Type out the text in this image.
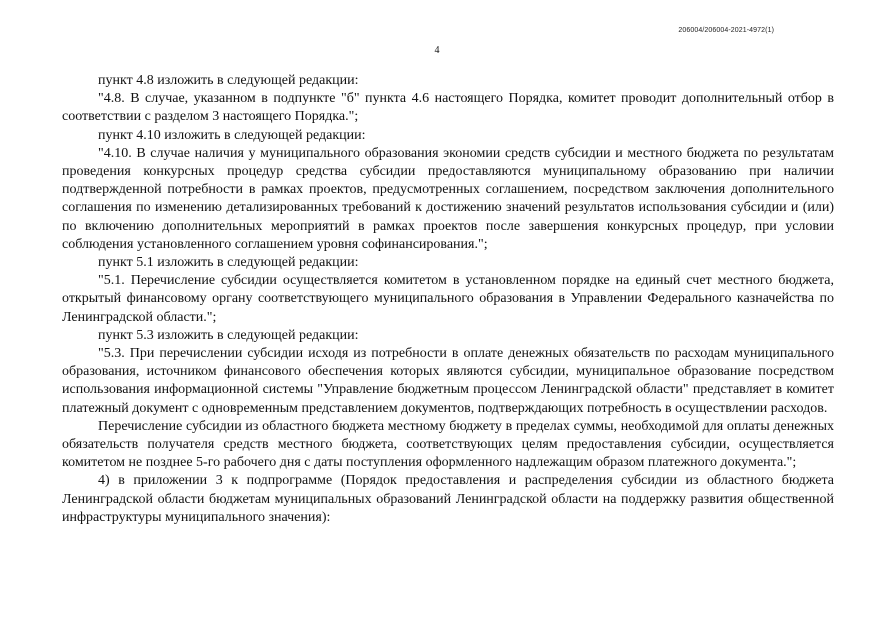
206004/206004-2021-4972(1)
4

пункт 4.8 изложить в следующей редакции:

"4.8. В случае, указанном в подпункте "б" пункта 4.6 настоящего Порядка, комитет проводит дополнительный отбор в соответствии с разделом 3 настоящего Порядка.";

пункт 4.10 изложить в следующей редакции:

"4.10. В случае наличия у муниципального образования экономии средств субсидии и местного бюджета по результатам проведения конкурсных процедур средства субсидии предоставляются муниципальному образованию при наличии подтвержденной потребности в рамках проектов, предусмотренных соглашением, посредством заключения дополнительного соглашения по изменению детализированных требований к достижению значений результатов использования субсидии и (или) по включению дополнительных мероприятий в рамках проектов после завершения конкурсных процедур, при условии соблюдения установленного соглашением уровня софинансирования.";

пункт 5.1 изложить в следующей редакции:

"5.1. Перечисление субсидии осуществляется комитетом в установленном порядке на единый счет местного бюджета, открытый финансовому органу соответствующего муниципального образования в Управлении Федерального казначейства по Ленинградской области.";

пункт 5.3 изложить в следующей редакции:

"5.3. При перечислении субсидии исходя из потребности в оплате денежных обязательств по расходам муниципального образования, источником финансового обеспечения которых являются субсидии, муниципальное образование посредством использования информационной системы "Управление бюджетным процессом Ленинградской области" представляет в комитет платежный документ с одновременным представлением документов, подтверждающих потребность в осуществлении расходов.

Перечисление субсидии из областного бюджета местному бюджету в пределах суммы, необходимой для оплаты денежных обязательств получателя средств местного бюджета, соответствующих целям предоставления субсидии, осуществляется комитетом не позднее 5-го рабочего дня с даты поступления оформленного надлежащим образом платежного документа.";

4) в приложении 3 к подпрограмме (Порядок предоставления и распределения субсидии из областного бюджета Ленинградской области бюджетам муниципальных образований Ленинградской области на поддержку развития общественной инфраструктуры муниципального значения):
